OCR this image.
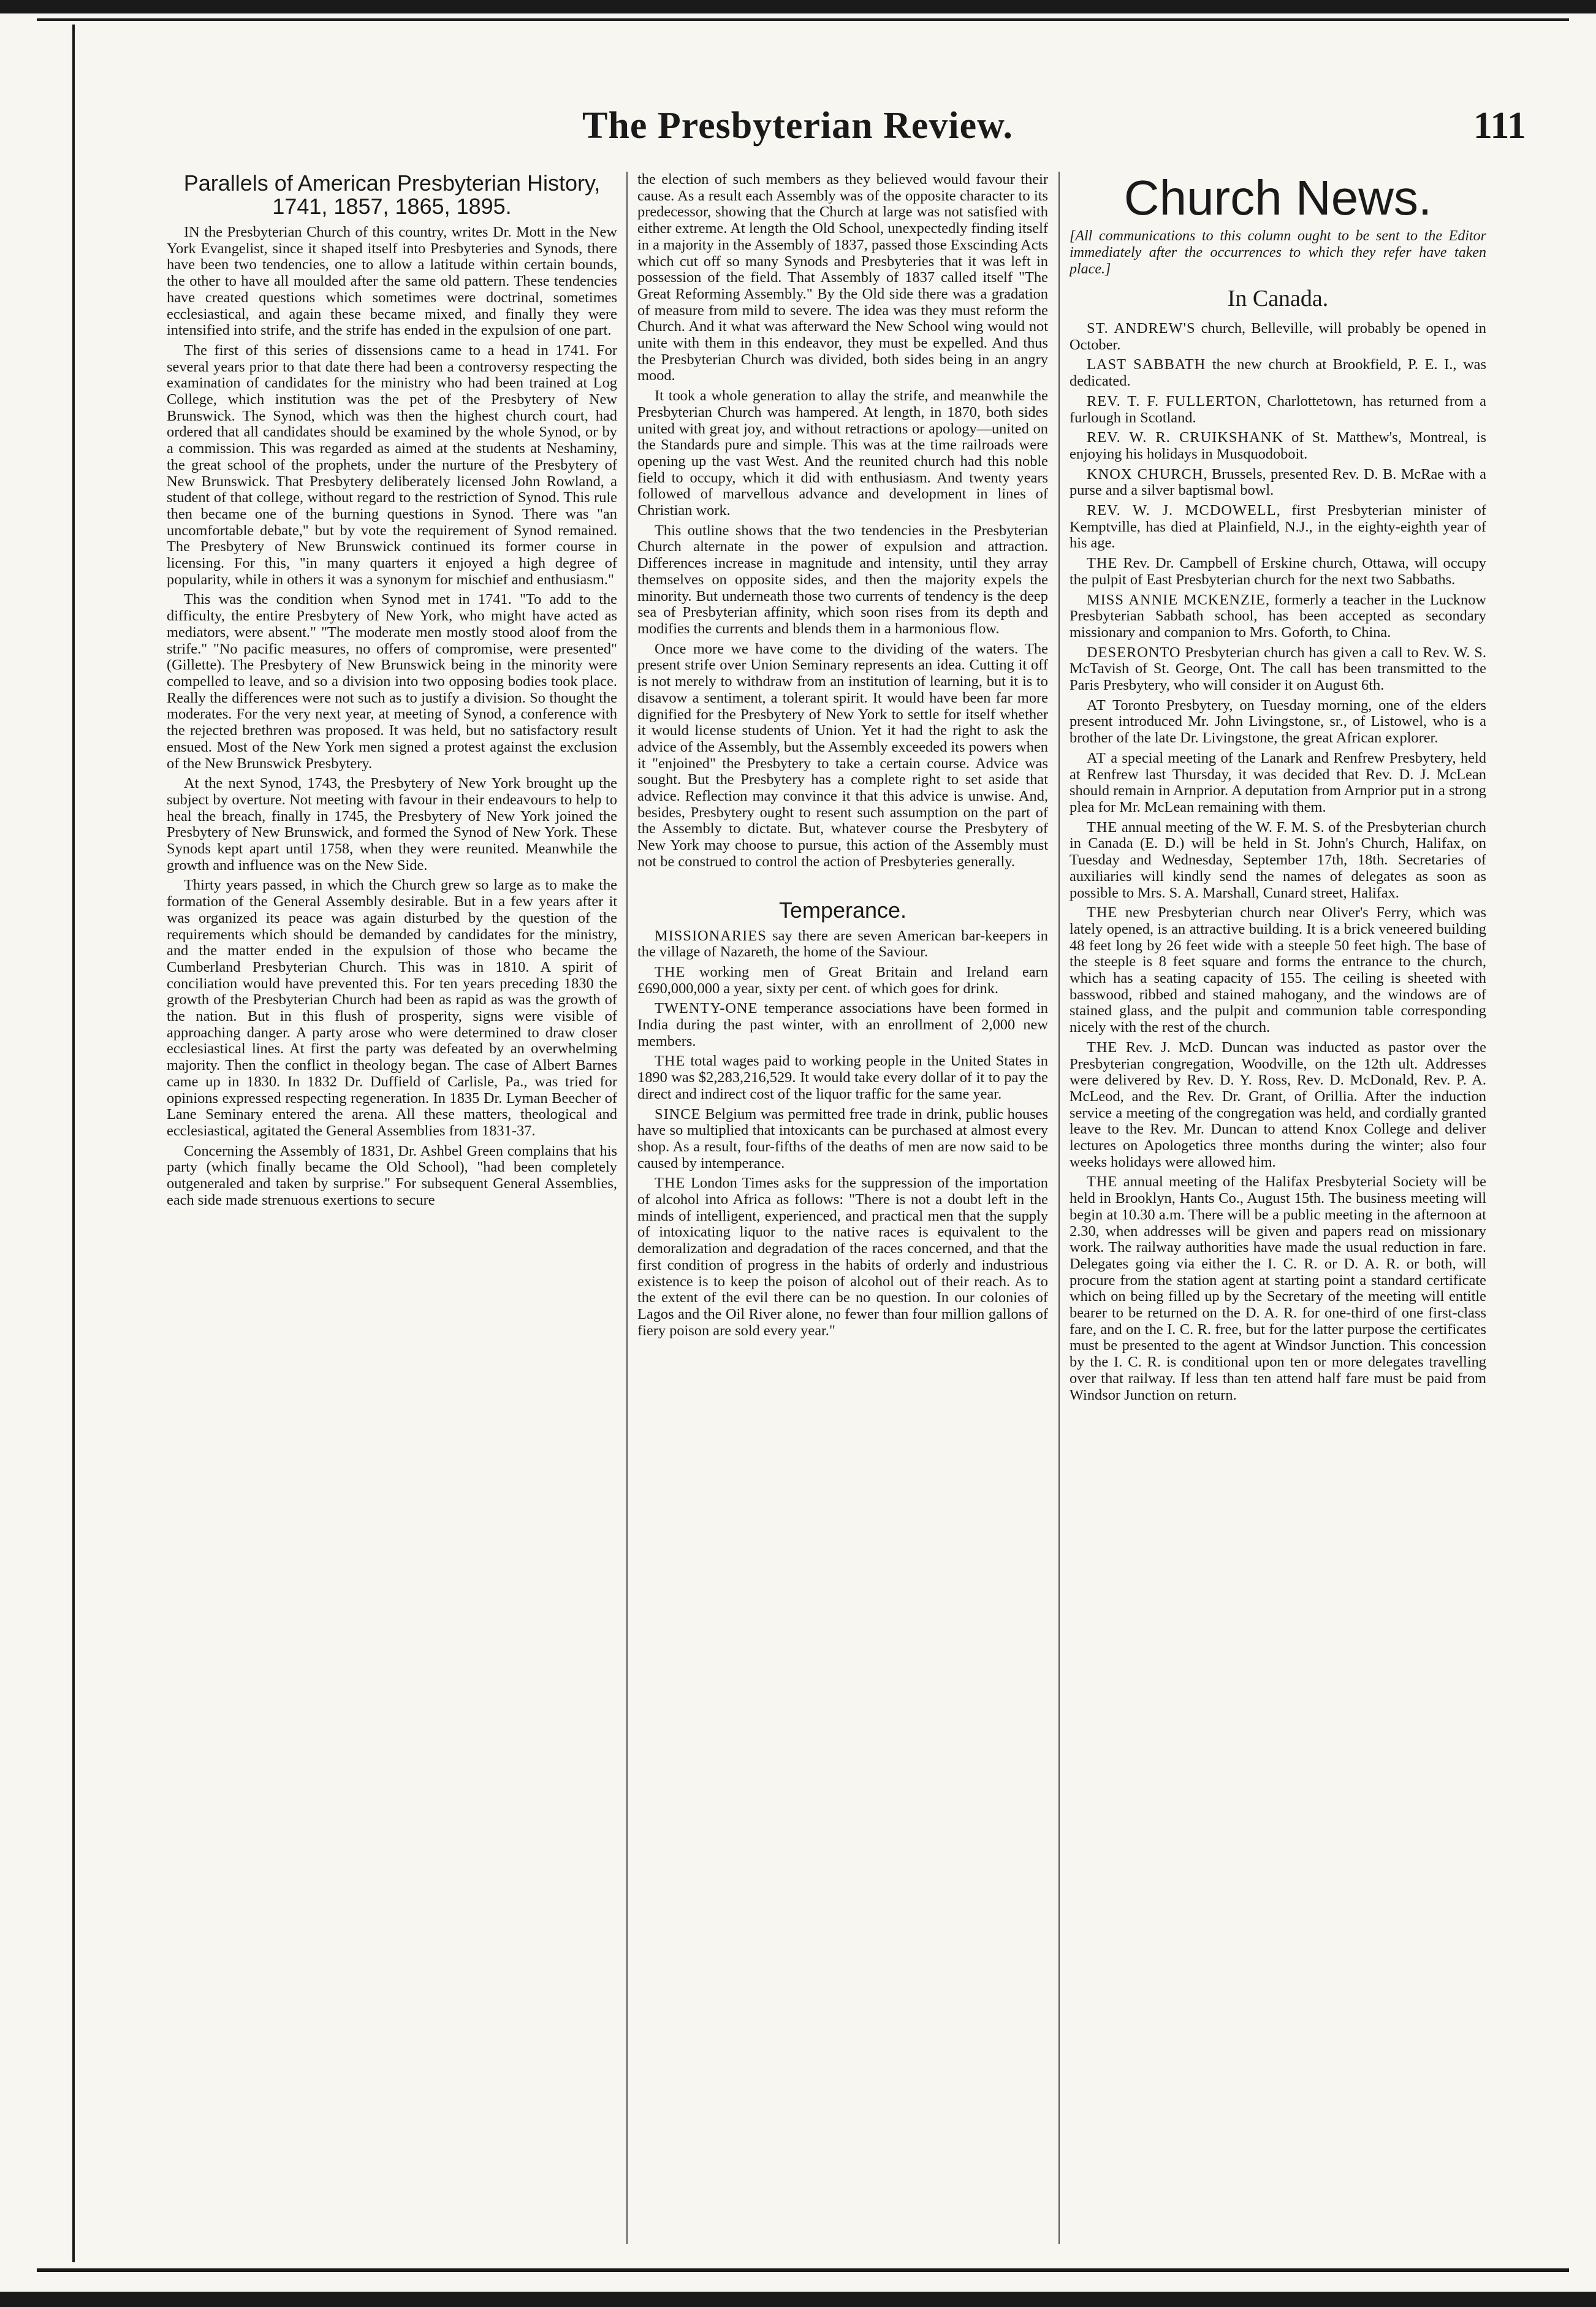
The Presbyterian Review.	111
Parallels of American Presbyterian History, 1741, 1857, 1865, 1895.

IN the Presbyterian Church of this country, writes Dr. Mott in the New York Evangelist, since it shaped itself into Presbyteries and Synods, there have been two tendencies, one to allow a latitude within certain bounds, the other to have all moulded after the same old pattern. These tendencies have created questions which sometimes were doctrinal, sometimes ecclesiastical, and again these became mixed, and finally they were intensified into strife, and the strife has ended in the expulsion of one part.

The first of this series of dissensions came to a head in 1741. For several years prior to that date there had been a controversy respecting the examination of candidates for the ministry who had been trained at Log College, which institution was the pet of the Presbytery of New Brunswick. The Synod, which was then the highest church court, had ordered that all candidates should be examined by the whole Synod, or by a commission. This was regarded as aimed at the students at Neshaminy, the great school of the prophets, under the nurture of the Presbytery of New Brunswick. That Presbytery deliberately licensed John Rowland, a student of that college, without regard to the restriction of Synod. This rule then became one of the burning questions in Synod. There was "an uncomfortable debate," but by vote the requirement of Synod remained. The Presbytery of New Brunswick continued its former course in licensing. For this, "in many quarters it enjoyed a high degree of popularity, while in others it was a synonym for mischief and enthusiasm."

This was the condition when Synod met in 1741. "To add to the difficulty, the entire Presbytery of New York, who might have acted as mediators, were absent." "The moderate men mostly stood aloof from the strife." "No pacific measures, no offers of compromise, were presented" (Gillette). The Presbytery of New Brunswick being in the minority were compelled to leave, and so a division into two opposing bodies took place. Really the differences were not such as to justify a division. So thought the moderates. For the very next year, at meeting of Synod, a conference with the rejected brethren was proposed. It was held, but no satisfactory result ensued. Most of the New York men signed a protest against the exclusion of the New Brunswick Presbytery.

At the next Synod, 1743, the Presbytery of New York brought up the subject by overture. Not meeting with favour in their endeavours to help to heal the breach, finally in 1745, the Presbytery of New York joined the Presbytery of New Brunswick, and formed the Synod of New York. These Synods kept apart until 1758, when they were reunited. Meanwhile the growth and influence was on the New Side.

Thirty years passed, in which the Church grew so large as to make the formation of the General Assembly desirable. But in a few years after it was organized its peace was again disturbed by the question of the requirements which should be demanded by candidates for the ministry, and the matter ended in the expulsion of those who became the Cumberland Presbyterian Church. This was in 1810. A spirit of conciliation would have prevented this. For ten years preceding 1830 the growth of the Presbyterian Church had been as rapid as was the growth of the nation. But in this flush of prosperity, signs were visible of approaching danger. A party arose who were determined to draw closer ecclesiastical lines. At first the party was defeated by an overwhelming majority. Then the conflict in theology began. The case of Albert Barnes came up in 1830. In 1832 Dr. Duffield of Carlisle, Pa., was tried for opinions expressed respecting regeneration. In 1835 Dr. Lyman Beecher of Lane Seminary entered the arena. All these matters, theological and ecclesiastical, agitated the General Assemblies from 1831-37.

Concerning the Assembly of 1831, Dr. Ashbel Green complains that his party (which finally became the Old School), "had been completely outgeneraled and taken by surprise." For subsequent General Assemblies, each side made strenuous exertions to secure

the election of such members as they believed would favour their cause. As a result each Assembly was of the opposite character to its predecessor, showing that the Church at large was not satisfied with either extreme. At length the Old School, unexpectedly finding itself in a majority in the Assembly of 1837, passed those Exscinding Acts which cut off so many Synods and Presbyteries that it was left in possession of the field. That Assembly of 1837 called itself "The Great Reforming Assembly." By the Old side there was a gradation of measure from mild to severe. The idea was they must reform the Church. And it what was afterward the New School wing would not unite with them in this endeavor, they must be expelled. And thus the Presbyterian Church was divided, both sides being in an angry mood.

It took a whole generation to allay the strife, and meanwhile the Presbyterian Church was hampered. At length, in 1870, both sides united with great joy, and without retractions or apology—united on the Standards pure and simple. This was at the time railroads were opening up the vast West. And the reunited church had this noble field to occupy, which it did with enthusiasm. And twenty years followed of marvellous advance and development in lines of Christian work.

This outline shows that the two tendencies in the Presbyterian Church alternate in the power of expulsion and attraction. Differences increase in magnitude and intensity, until they array themselves on opposite sides, and then the majority expels the minority. But underneath those two currents of tendency is the deep sea of Presbyterian affinity, which soon rises from its depth and modifies the currents and blends them in a harmonious flow.

Once more we have come to the dividing of the waters. The present strife over Union Seminary represents an idea. Cutting it off is not merely to withdraw from an institution of learning, but it is to disavow a sentiment, a tolerant spirit. It would have been far more dignified for the Presbytery of New York to settle for itself whether it would license students of Union. Yet it had the right to ask the advice of the Assembly, but the Assembly exceeded its powers when it "enjoined" the Presbytery to take a certain course. Advice was sought. But the Presbytery has a complete right to set aside that advice. Reflection may convince it that this advice is unwise. And, besides, Presbytery ought to resent such assumption on the part of the Assembly to dictate. But, whatever course the Presbytery of New York may choose to pursue, this action of the Assembly must not be construed to control the action of Presbyteries generally.

Temperance.

MISSIONARIES say there are seven American bar-keepers in the village of Nazareth, the home of the Saviour.

THE working men of Great Britain and Ireland earn £690,000,000 a year, sixty per cent. of which goes for drink.

TWENTY-ONE temperance associations have been formed in India during the past winter, with an enrollment of 2,000 new members.

THE total wages paid to working people in the United States in 1890 was $2,283,216,529. It would take every dollar of it to pay the direct and indirect cost of the liquor traffic for the same year.

SINCE Belgium was permitted free trade in drink, public houses have so multiplied that intoxicants can be purchased at almost every shop. As a result, four-fifths of the deaths of men are now said to be caused by intemperance.

THE London Times asks for the suppression of the importation of alcohol into Africa as follows: "There is not a doubt left in the minds of intelligent, experienced, and practical men that the supply of intoxicating liquor to the native races is equivalent to the demoralization and degradation of the races concerned, and that the first condition of progress in the habits of orderly and industrious existence is to keep the poison of alcohol out of their reach. As to the extent of the evil there can be no question. In our colonies of Lagos and the Oil River alone, no fewer than four million gallons of fiery poison are sold every year."

Church News.
[All communications to this column ought to be sent to the Editor immediately after the occurrences to which they refer have taken place.]
In Canada.

ST. ANDREW'S church, Belleville, will probably be opened in October.

LAST SABBATH the new church at Brookfield, P. E. I., was dedicated.

REV. T. F. FULLERTON, Charlottetown, has returned from a furlough in Scotland.

REV. W. R. CRUIKSHANK of St. Matthew's, Montreal, is enjoying his holidays in Musquodoboit.

KNOX CHURCH, Brussels, presented Rev. D. B. McRae with a purse and a silver baptismal bowl.

REV. W. J. MCDOWELL, first Presbyterian minister of Kemptville, has died at Plainfield, N.J., in the eighty-eighth year of his age.

THE Rev. Dr. Campbell of Erskine church, Ottawa, will occupy the pulpit of East Presbyterian church for the next two Sabbaths.

MISS ANNIE MCKENZIE, formerly a teacher in the Lucknow Presbyterian Sabbath school, has been accepted as secondary missionary and companion to Mrs. Goforth, to China.

DESERONTO Presbyterian church has given a call to Rev. W. S. McTavish of St. George, Ont. The call has been transmitted to the Paris Presbytery, who will consider it on August 6th.

AT Toronto Presbytery, on Tuesday morning, one of the elders present introduced Mr. John Livingstone, sr., of Listowel, who is a brother of the late Dr. Livingstone, the great African explorer.

AT a special meeting of the Lanark and Renfrew Presbytery, held at Renfrew last Thursday, it was decided that Rev. D. J. McLean should remain in Arnprior. A deputation from Arnprior put in a strong plea for Mr. McLean remaining with them.

THE annual meeting of the W. F. M. S. of the Presbyterian church in Canada (E. D.) will be held in St. John's Church, Halifax, on Tuesday and Wednesday, September 17th, 18th. Secretaries of auxiliaries will kindly send the names of delegates as soon as possible to Mrs. S. A. Marshall, Cunard street, Halifax.

THE new Presbyterian church near Oliver's Ferry, which was lately opened, is an attractive building. It is a brick veneered building 48 feet long by 26 feet wide with a steeple 50 feet high. The base of the steeple is 8 feet square and forms the entrance to the church, which has a seating capacity of 155. The ceiling is sheeted with basswood, ribbed and stained mahogany, and the windows are of stained glass, and the pulpit and communion table corresponding nicely with the rest of the church.

THE Rev. J. McD. Duncan was inducted as pastor over the Presbyterian congregation, Woodville, on the 12th ult. Addresses were delivered by Rev. D. Y. Ross, Rev. D. McDonald, Rev. P. A. McLeod, and the Rev. Dr. Grant, of Orillia. After the induction service a meeting of the congregation was held, and cordially granted leave to the Rev. Mr. Duncan to attend Knox College and deliver lectures on Apologetics three months during the winter; also four weeks holidays were allowed him.

THE annual meeting of the Halifax Presbyterial Society will be held in Brooklyn, Hants Co., August 15th. The business meeting will begin at 10.30 a.m. There will be a public meeting in the afternoon at 2.30, when addresses will be given and papers read on missionary work. The railway authorities have made the usual reduction in fare. Delegates going via either the I. C. R. or D. A. R. or both, will procure from the station agent at starting point a standard certificate which on being filled up by the Secretary of the meeting will entitle bearer to be returned on the D. A. R. for one-third of one first-class fare, and on the I. C. R. free, but for the latter purpose the certificates must be presented to the agent at Windsor Junction. This concession by the I. C. R. is conditional upon ten or more delegates travelling over that railway. If less than ten attend half fare must be paid from Windsor Junction on return.
